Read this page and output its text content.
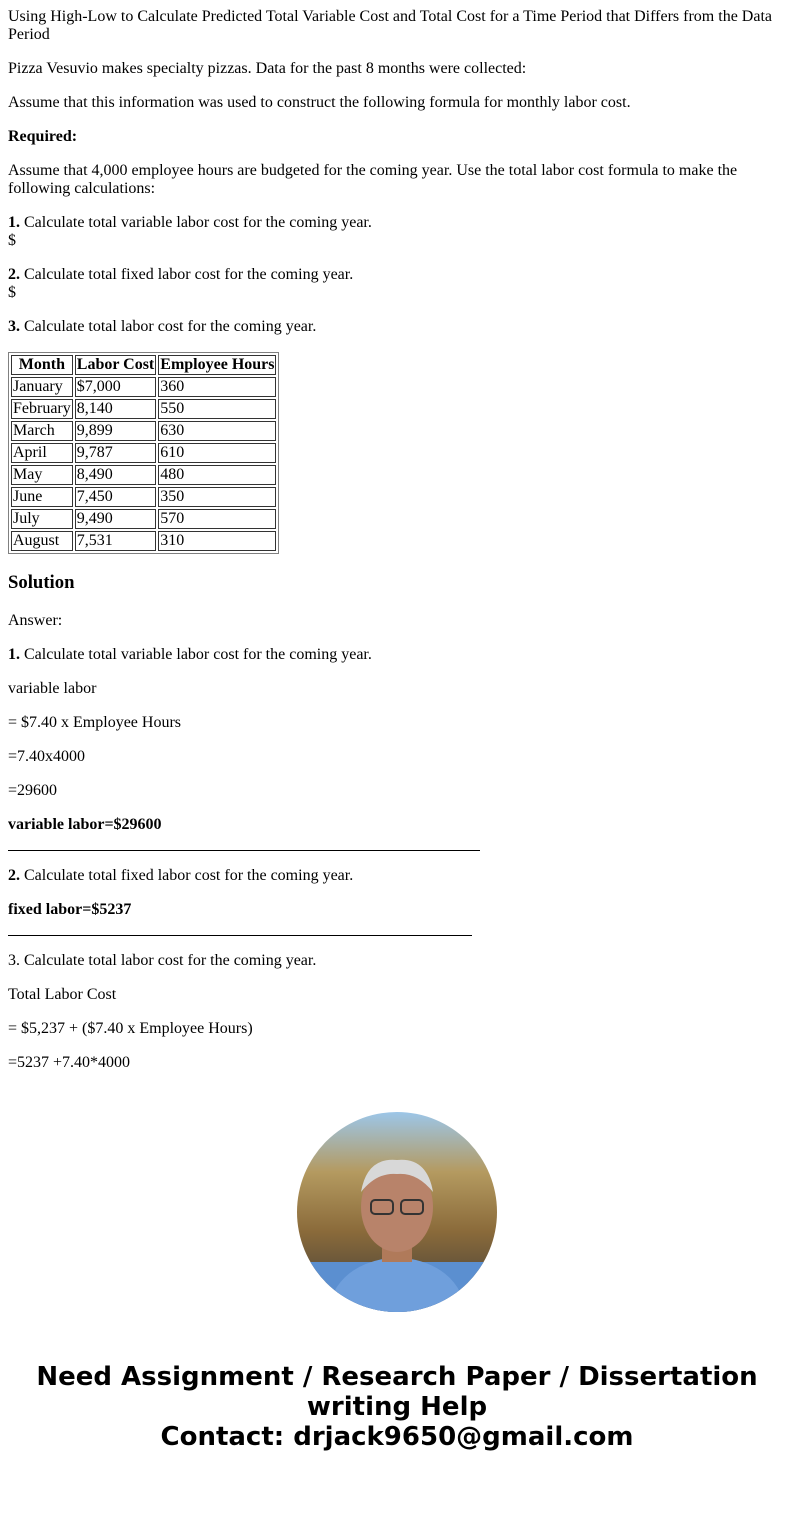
Using High-Low to Calculate Predicted Total Variable Cost and Total Cost for a Time Period that Differs from the Data Period

Pizza Vesuvio makes specialty pizzas. Data for the past 8 months were collected:

Assume that this information was used to construct the following formula for monthly labor cost.

Required:

Assume that 4,000 employee hours are budgeted for the coming year. Use the total labor cost formula to make the following calculations:

1. Calculate total variable labor cost for the coming year.
$

2. Calculate total fixed labor cost for the coming year.
$

3. Calculate total labor cost for the coming year.

Month	Labor Cost	Employee Hours
January	$7,000	360
February	8,140	550
March	9,899	630
April	9,787	610
May	8,490	480
June	7,450	350
July	9,490	570
August	7,531	310
Solution

Answer:

1. Calculate total variable labor cost for the coming year.

variable labor

= $7.40 x Employee Hours

=7.40x4000

=29600

variable labor=$29600

2. Calculate total fixed labor cost for the coming year.

fixed labor=$5237

3. Calculate total labor cost for the coming year.

Total Labor Cost

= $5,237 + ($7.40 x Employee Hours)

=5237 +7.40*4000

Need Assignment / Research Paper / Dissertation writing Help
Contact: drjack9650@gmail.com
